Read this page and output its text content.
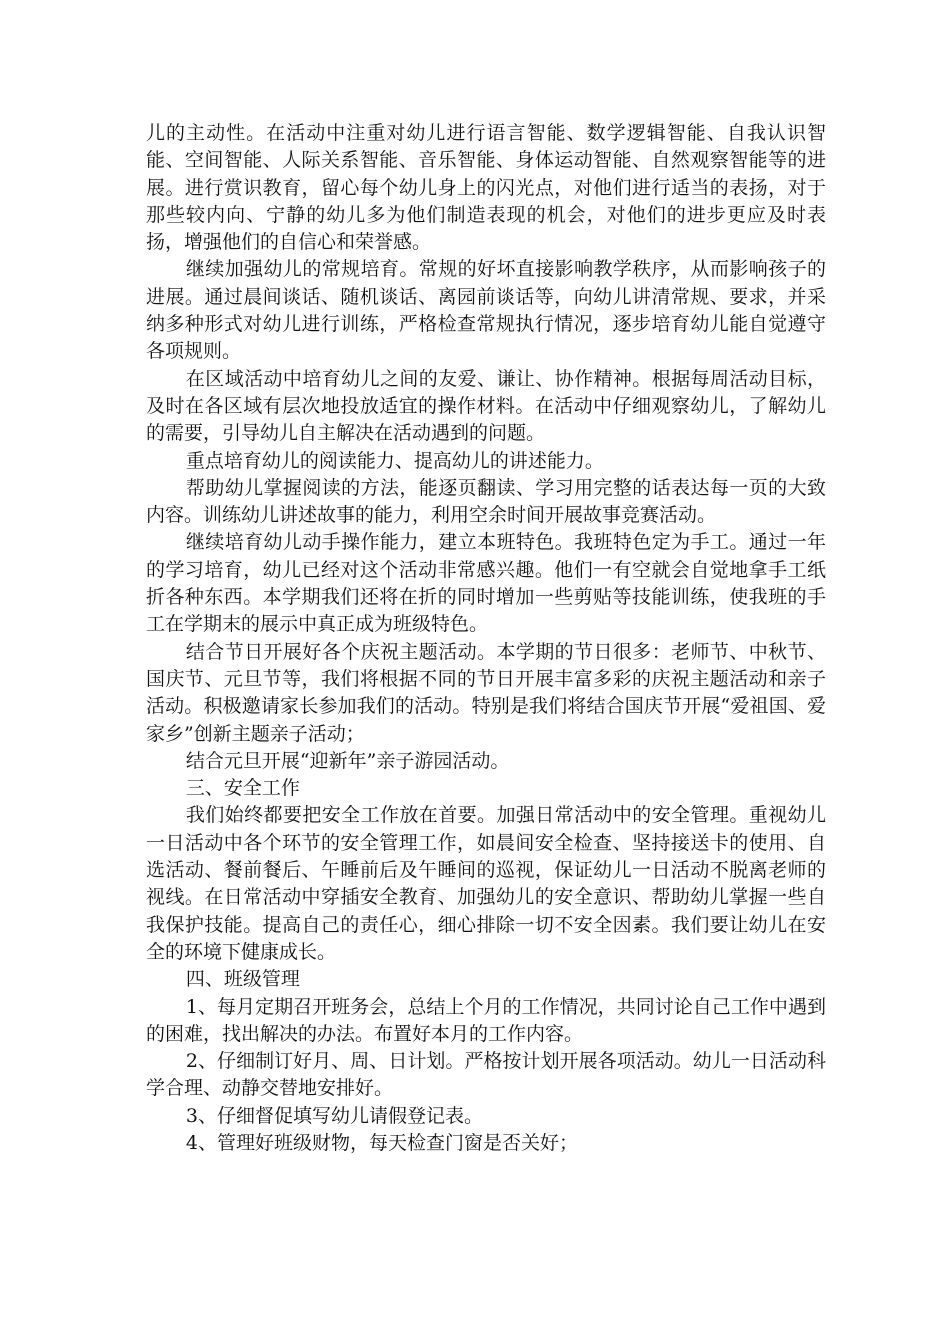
儿的主动性。在活动中注重对幼儿进行语言智能、数学逻辑智能、自我认识智能、空间智能、人际关系智能、音乐智能、身体运动智能、自然观察智能等的进展。进行赏识教育，留心每个幼儿身上的闪光点，对他们进行适当的表扬，对于那些较内向、宁静的幼儿多为他们制造表现的机会，对他们的进步更应及时表扬，增强他们的自信心和荣誉感。

继续加强幼儿的常规培育。常规的好坏直接影响教学秩序，从而影响孩子的进展。通过晨间谈话、随机谈话、离园前谈话等，向幼儿讲清常规、要求，并采纳多种形式对幼儿进行训练，严格检查常规执行情况，逐步培育幼儿能自觉遵守各项规则。

在区域活动中培育幼儿之间的友爱、谦让、协作精神。根据每周活动目标，及时在各区域有层次地投放适宜的操作材料。在活动中仔细观察幼儿，了解幼儿的需要，引导幼儿自主解决在活动遇到的问题。

重点培育幼儿的阅读能力、提高幼儿的讲述能力。

帮助幼儿掌握阅读的方法，能逐页翻读、学习用完整的话表达每一页的大致内容。训练幼儿讲述故事的能力，利用空余时间开展故事竞赛活动。

继续培育幼儿动手操作能力，建立本班特色。我班特色定为手工。通过一年的学习培育，幼儿已经对这个活动非常感兴趣。他们一有空就会自觉地拿手工纸折各种东西。本学期我们还将在折的同时增加一些剪贴等技能训练，使我班的手工在学期末的展示中真正成为班级特色。

结合节日开展好各个庆祝主题活动。本学期的节日很多：老师节、中秋节、国庆节、元旦节等，我们将根据不同的节日开展丰富多彩的庆祝主题活动和亲子活动。积极邀请家长参加我们的活动。特别是我们将结合国庆节开展“爱祖国、爱家乡”创新主题亲子活动；

结合元旦开展“迎新年”亲子游园活动。

三、安全工作

我们始终都要把安全工作放在首要。加强日常活动中的安全管理。重视幼儿一日活动中各个环节的安全管理工作，如晨间安全检查、坚持接送卡的使用、自选活动、餐前餐后、午睡前后及午睡间的巡视，保证幼儿一日活动不脱离老师的视线。在日常活动中穿插安全教育、加强幼儿的安全意识、帮助幼儿掌握一些自我保护技能。提高自己的责任心，细心排除一切不安全因素。我们要让幼儿在安全的环境下健康成长。

四、班级管理

1、每月定期召开班务会，总结上个月的工作情况，共同讨论自己工作中遇到的困难，找出解决的办法。布置好本月的工作内容。

2、仔细制订好月、周、日计划。严格按计划开展各项活动。幼儿一日活动科学合理、动静交替地安排好。

3、仔细督促填写幼儿请假登记表。

4、管理好班级财物，每天检查门窗是否关好；
